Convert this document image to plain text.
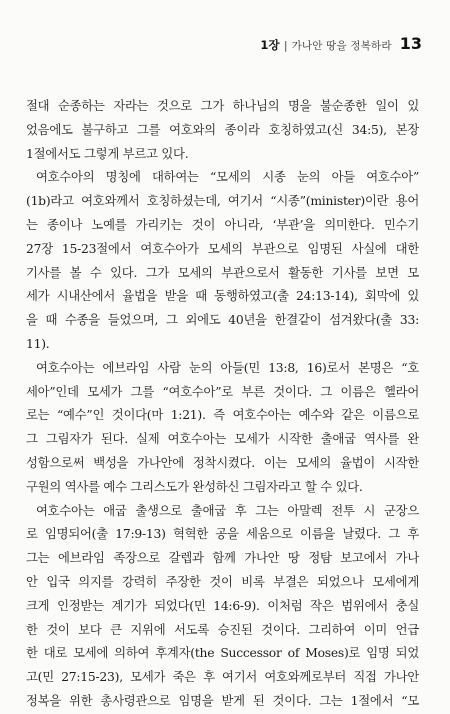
1장 | 가나안 땅을 정복하라 13
절대 순종하는 자라는 것으로 그가 하나님의 명을 불순종한 일이 있
었음에도 불구하고 그를 여호와의 종이라 호칭하였고(신 34:5), 본장
1절에서도 그렇게 부르고 있다.
여호수아의 명칭에 대하여는 “모세의 시종 눈의 아들 여호수아”
(1b)라고 여호와께서 호칭하셨는데, 여기서 “시종”(minister)이란 용어
는 종이나 노예를 가리키는 것이 아니라, ‘부관’을 의미한다. 민수기
27장 15-23절에서 여호수아가 모세의 부관으로 임명된 사실에 대한
기사를 볼 수 있다. 그가 모세의 부관으로서 활동한 기사를 보면 모
세가 시내산에서 율법을 받을 때 동행하였고(출 24:13-14), 회막에 있
을 때 수종을 들었으며, 그 외에도 40년을 한결같이 섬겨왔다(출 33:
11).
여호수아는 에브라임 사람 눈의 아들(민 13:8, 16)로서 본명은 “호
세아”인데 모세가 그를 “여호수아”로 부른 것이다. 그 이름은 헬라어
로는 “예수”인 것이다(마 1:21). 즉 여호수아는 예수와 같은 이름으로
그 그림자가 된다. 실제 여호수아는 모세가 시작한 출애굽 역사를 완
성함으로써 백성을 가나안에 정착시켰다. 이는 모세의 율법이 시작한
구원의 역사를 예수 그리스도가 완성하신 그림자라고 할 수 있다.
여호수아는 애굽 출생으로 출애굽 후 그는 아말렉 전투 시 군장으
로 임명되어(출 17:9-13) 혁혁한 공을 세움으로 이름을 날렸다. 그 후
그는 에브라임 족장으로 갈렙과 함께 가나안 땅 정탐 보고에서 가나
안 입국 의지를 강력히 주장한 것이 비록 부결은 되었으나 모세에게
크게 인정받는 계기가 되었다(민 14:6-9). 이처럼 작은 범위에서 충실
한 것이 보다 큰 지위에 서도록 승진된 것이다. 그리하여 이미 언급
한 대로 모세에 의하여 후계자(the Successor of Moses)로 임명 되었
고(민 27:15-23), 모세가 죽은 후 여기서 여호와께로부터 직접 가나안
정복을 위한 총사령관으로 임명을 받게 된 것이다. 그는 1절에서 “모
